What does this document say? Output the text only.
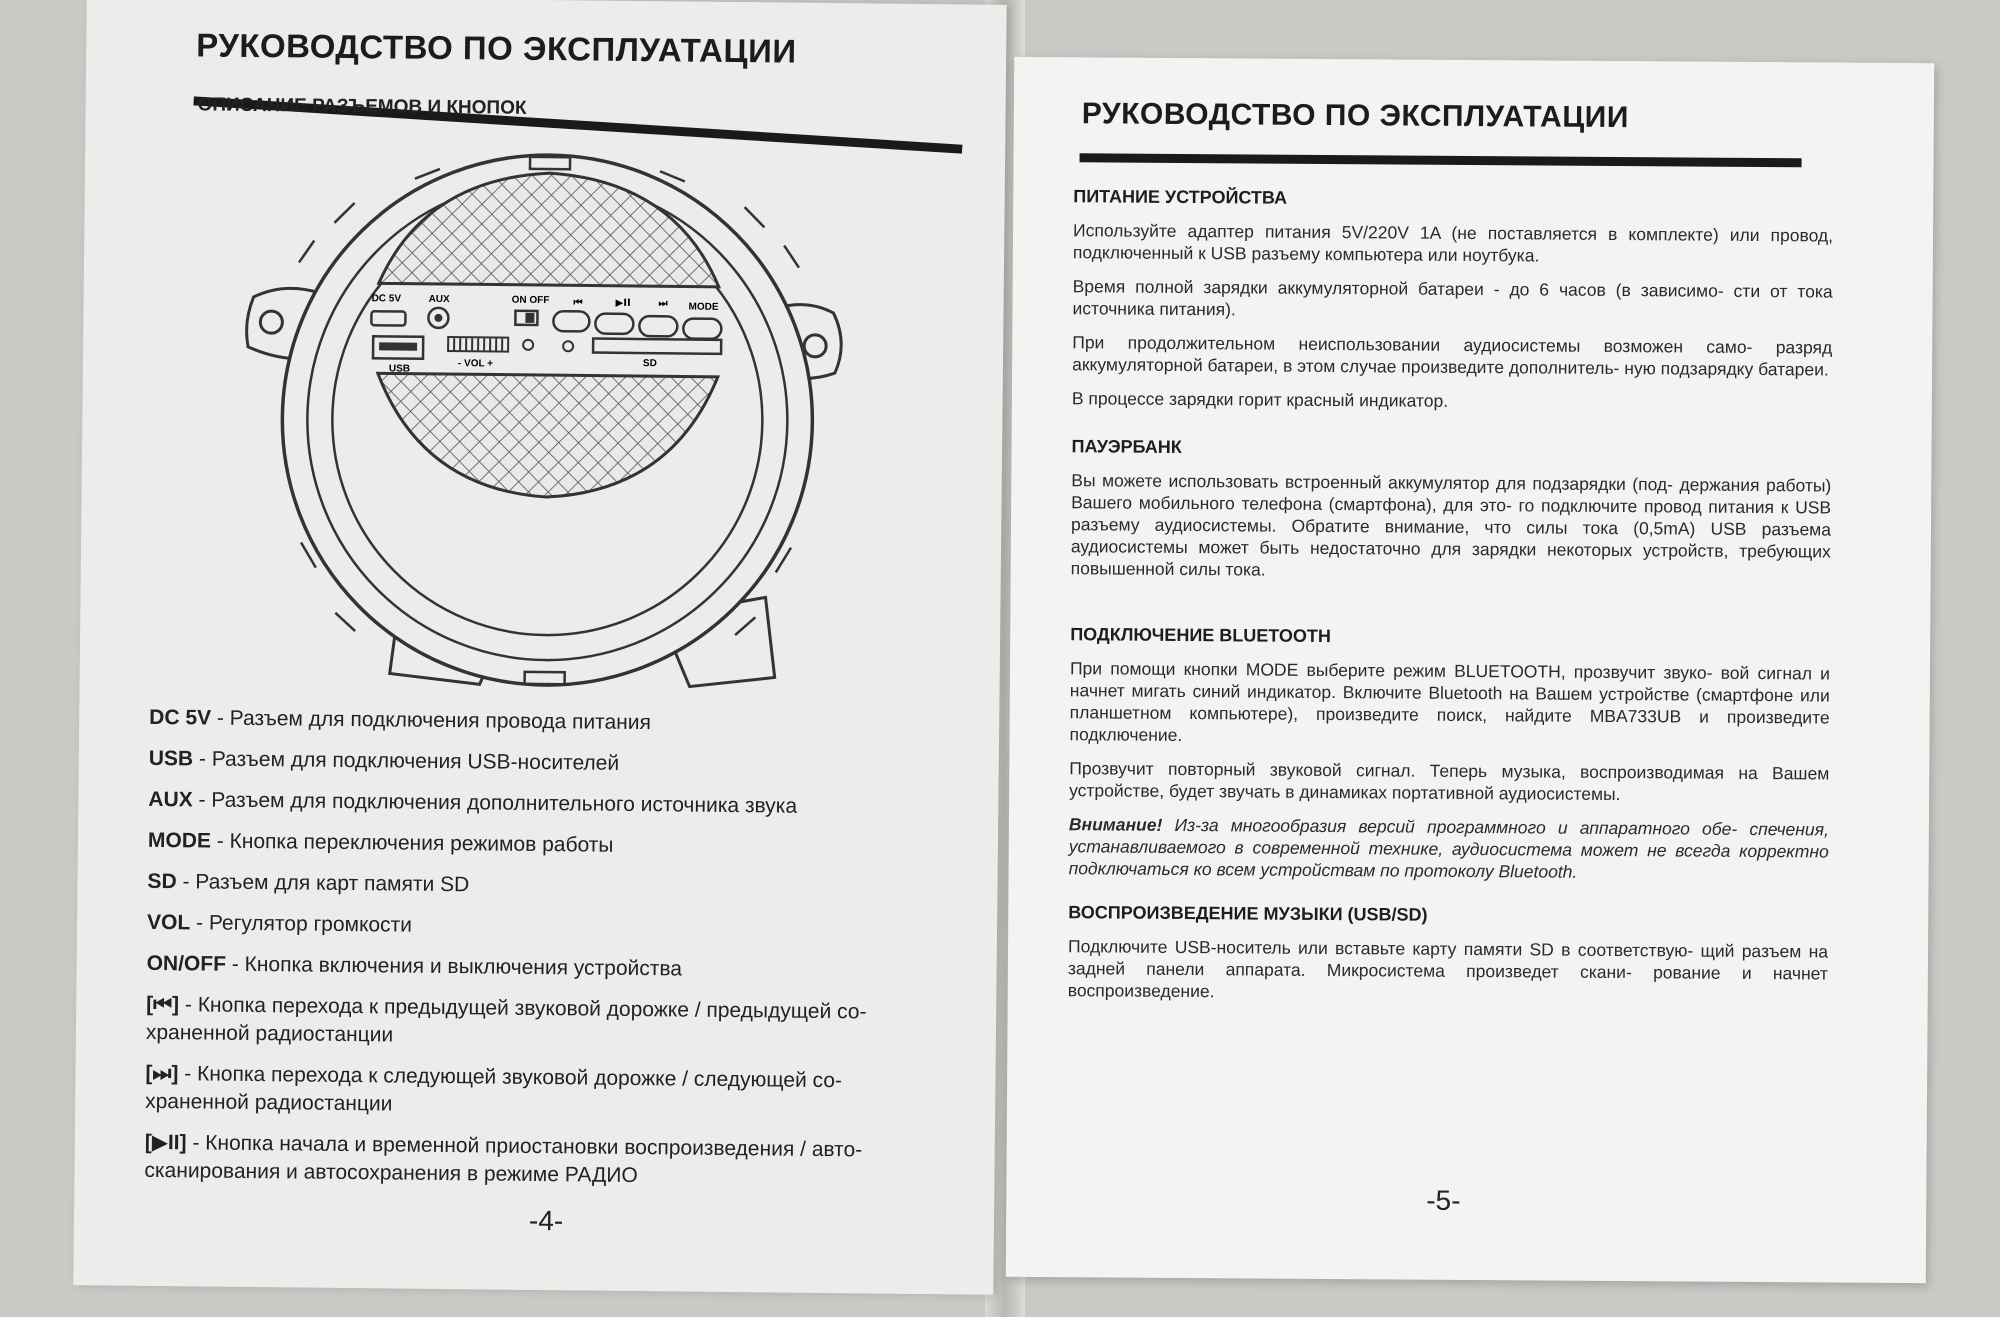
РУКОВОДСТВО ПО ЭКСПЛУАТАЦИИ
ОПИСАНИЕ РАЗЪЕМОВ И КНОПОК
DC 5V	AUX	ON OFF ⏮	▶II	⏭ MODE
USB	- VOL +	SD
DC 5V - Разъем для подключения провода питания
USB - Разъем для подключения USB-носителей
AUX - Разъем для подключения дополнительного источника звука
MODE - Кнопка переключения режимов работы
SD - Разъем для карт памяти SD
VOL - Регулятор громкости
ON/OFF - Кнопка включения и выключения устройства
[⏮] - Кнопка перехода к предыдущей звуковой дорожке / предыдущей со- храненной радиостанции
[⏭] - Кнопка перехода к следующей звуковой дорожке / следующей со- храненной радиостанции
[▶II] - Кнопка начала и временной приостановки воспроизведения / авто- сканирования и автосохранения в режиме РАДИО
-4-
РУКОВОДСТВО ПО ЭКСПЛУАТАЦИИ
ПИТАНИЕ УСТРОЙСТВА

Используйте адаптер питания 5V/220V 1A (не поставляется в комплекте) или провод, подключенный к USB разъему компьютера или ноутбука.

Время полной зарядки аккумуляторной батареи - до 6 часов (в зависимо- сти от тока источника питания).

При продолжительном неиспользовании аудиосистемы возможен само- разряд аккумуляторной батареи, в этом случае произведите дополнитель- ную подзарядку батареи.

В процессе зарядки горит красный индикатор.

ПАУЭРБАНК

Вы можете использовать встроенный аккумулятор для подзарядки (под- держания работы) Вашего мобильного телефона (смартфона), для это- го подключите провод питания к USB разъему аудиосистемы. Обратите внимание, что силы тока (0,5mA) USB разъема аудиосистемы может быть недостаточно для зарядки некоторых устройств, требующих повышенной силы тока.

ПОДКЛЮЧЕНИЕ BLUETOOTH

При помощи кнопки MODE выберите режим BLUETOOTH, прозвучит звуко- вой сигнал и начнет мигать синий индикатор. Включите Bluetooth на Вашем устройстве (смартфоне или планшетном компьютере), произведите поиск, найдите MBA733UB и произведите подключение.

Прозвучит повторный звуковой сигнал. Теперь музыка, воспроизводимая на Вашем устройстве, будет звучать в динамиках портативной аудиосистемы.

Внимание! Из-за многообразия версий программного и аппаратного обе- спечения, устанавливаемого в современной технике, аудиосистема может не всегда корректно подключаться ко всем устройствам по протоколу Bluetooth.

ВОСПРОИЗВЕДЕНИЕ МУЗЫКИ (USB/SD)

Подключите USB-носитель или вставьте карту памяти SD в соответствую- щий разъем на задней панели аппарата. Микросистема произведет скани- рование и начнет воспроизведение.

-5-
